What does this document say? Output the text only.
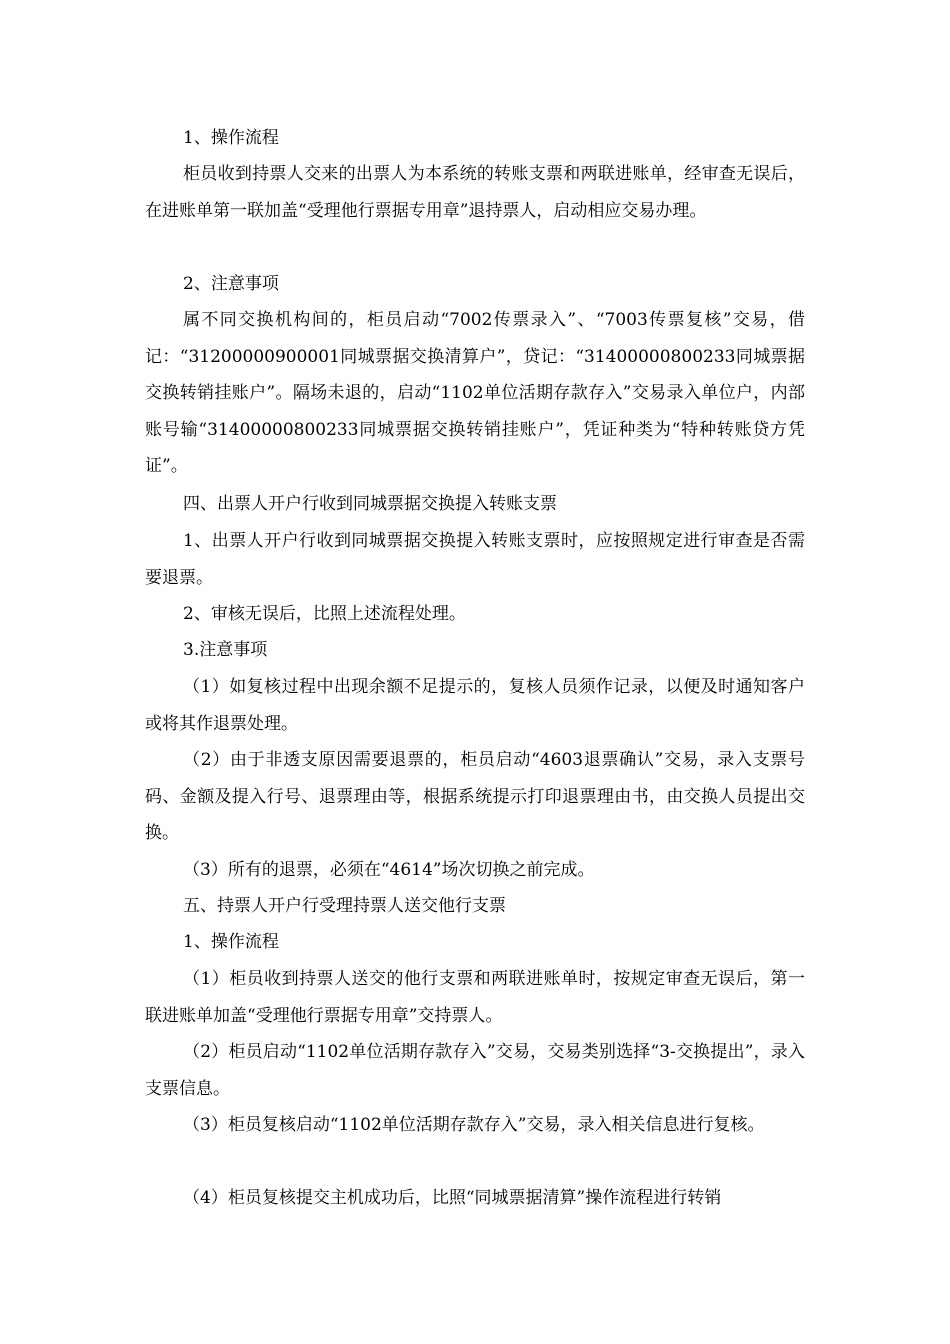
1、操作流程

柜员收到持票人交来的出票人为本系统的转账支票和两联进账单，经审查无误后，在进账单第一联加盖“受理他行票据专用章”退持票人，启动相应交易办理。

2、注意事项

属不同交换机构间的，柜员启动“7002传票录入”、“7003传票复核”交易，借记：“31200000900001同城票据交换清算户”，贷记：“31400000800233同城票据交换转销挂账户”。隔场未退的，启动“1102单位活期存款存入”交易录入单位户，内部账号输“31400000800233同城票据交换转销挂账户”，凭证种类为“特种转账贷方凭证”。

四、出票人开户行收到同城票据交换提入转账支票

1、出票人开户行收到同城票据交换提入转账支票时，应按照规定进行审查是否需要退票。

2、审核无误后，比照上述流程处理。

3.注意事项

（1）如复核过程中出现余额不足提示的，复核人员须作记录，以便及时通知客户或将其作退票处理。

（2）由于非透支原因需要退票的，柜员启动“4603退票确认”交易，录入支票号码、金额及提入行号、退票理由等，根据系统提示打印退票理由书，由交换人员提出交换。

（3）所有的退票，必须在“4614”场次切换之前完成。

五、持票人开户行受理持票人送交他行支票

1、操作流程

（1）柜员收到持票人送交的他行支票和两联进账单时，按规定审查无误后，第一联进账单加盖“受理他行票据专用章”交持票人。

（2）柜员启动“1102单位活期存款存入”交易，交易类别选择“3-交换提出”，录入支票信息。

（3）柜员复核启动“1102单位活期存款存入”交易，录入相关信息进行复核。

（4）柜员复核提交主机成功后，比照“同城票据清算”操作流程进行转销
